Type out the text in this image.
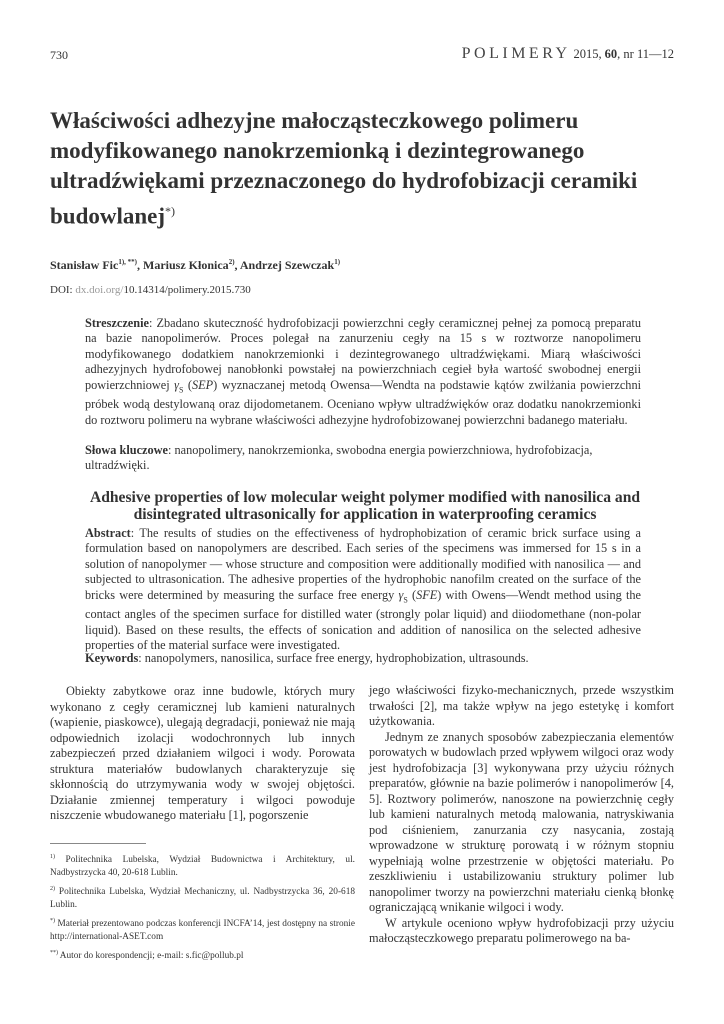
730	POLIMERY 2015, 60, nr 11—12
Właściwości adhezyjne małocząsteczkowego polimeru modyfikowanego nanokrzemionką i dezintegrowanego ultradźwiękami przeznaczonego do hydrofobizacji ceramiki budowlanej*)
Stanisław Fic$^{1), **)}$, Mariusz Kłonica$^{2)}$, Andrzej Szewczak$^{1)}$
DOI: dx.doi.org/10.14314/polimery.2015.730

Streszczenie: Zbadano skuteczność hydrofobizacji powierzchni cegły ceramicznej pełnej za pomocą preparatu na bazie nanopolimerów. Proces polegał na zanurzeniu cegły na 15 s w roztworze nanopolimeru modyfikowanego dodatkiem nanokrzemionki i dezintegrowanego ultradźwiękami. Miarą właściwości adhezyjnych hydrofobowej nanobłonki powstałej na powierzchniach cegieł była wartość swobodnej energii powierzchniowej $\gamma_S$ (SEP) wyznaczanej metodą Owensa—Wendta na podstawie kątów zwilżania powierzchni próbek wodą destylowaną oraz dijodometanem. Oceniano wpływ ultradźwięków oraz dodatku nanokrzemionki do roztworu polimeru na wybrane właściwości adhezyjne hydrofobizowanej powierzchni badanego materiału.

Słowa kluczowe: nanopolimery, nanokrzemionka, swobodna energia powierzchniowa, hydrofobizacja, ultradźwięki.

Adhesive properties of low molecular weight polymer modified with nanosilica and disintegrated ultrasonically for application in waterproofing ceramics

Abstract: The results of studies on the effectiveness of hydrophobization of ceramic brick surface using a formulation based on nanopolymers are described. Each series of the specimens was immersed for 15 s in a solution of nanopolymer — whose structure and composition were additionally modified with nanosilica — and subjected to ultrasonication. The adhesive properties of the hydrophobic nanofilm created on the surface of the bricks were determined by measuring the surface free energy $\gamma_S$ (SFE) with Owens—Wendt method using the contact angles of the specimen surface for distilled water (strongly polar liquid) and diiodomethane (non-polar liquid). Based on these results, the effects of sonication and addition of nanosilica on the selected adhesive properties of the material surface were investigated.

Keywords: nanopolymers, nanosilica, surface free energy, hydrophobization, ultrasounds.

Obiekty zabytkowe oraz inne budowle, których mury wykonano z cegły ceramicznej lub kamieni naturalnych (wapienie, piaskowce), ulegają degradacji, ponieważ nie mają odpowiednich izolacji wodochronnych lub innych zabezpieczeń przed działaniem wilgoci i wody. Porowata struktura materiałów budowlanych charakteryzuje się skłonnością do utrzymywania wody w swojej objętości. Działanie zmiennej temperatury i wilgoci powoduje niszczenie wbudowanego materiału [1], pogorszenie

$^{1)}$ Politechnika Lubelska, Wydział Budownictwa i Architektury, ul. Nadbystrzycka 40, 20-618 Lublin.

$^{2)}$ Politechnika Lubelska, Wydział Mechaniczny, ul. Nadbystrzycka 36, 20-618 Lublin.

*) Materiał prezentowano podczas konferencji INCFA’14, jest dostępny na stronie http://international-ASET.com

**) Autor do korespondencji; e-mail: s.fic@pollub.pl

jego właściwości fizyko-mechanicznych, przede wszystkim trwałości [2], ma także wpływ na jego estetykę i komfort użytkowania.

Jednym ze znanych sposobów zabezpieczania elementów porowatych w budowlach przed wpływem wilgoci oraz wody jest hydrofobizacja [3] wykonywana przy użyciu różnych preparatów, głównie na bazie polimerów i nanopolimerów [4, 5]. Roztwory polimerów, nanoszone na powierzchnię cegły lub kamieni naturalnych metodą malowania, natryskiwania pod ciśnieniem, zanurzania czy nasycania, zostają wprowadzone w strukturę porowatą i w różnym stopniu wypełniają wolne przestrzenie w objętości materiału. Po zeszkliwieniu i ustabilizowaniu struktury polimer lub nanopolimer tworzy na powierzchni materiału cienką błonkę ograniczającą wnikanie wilgoci i wody.

W artykule oceniono wpływ hydrofobizacji przy użyciu małocząsteczkowego preparatu polimerowego na ba-
